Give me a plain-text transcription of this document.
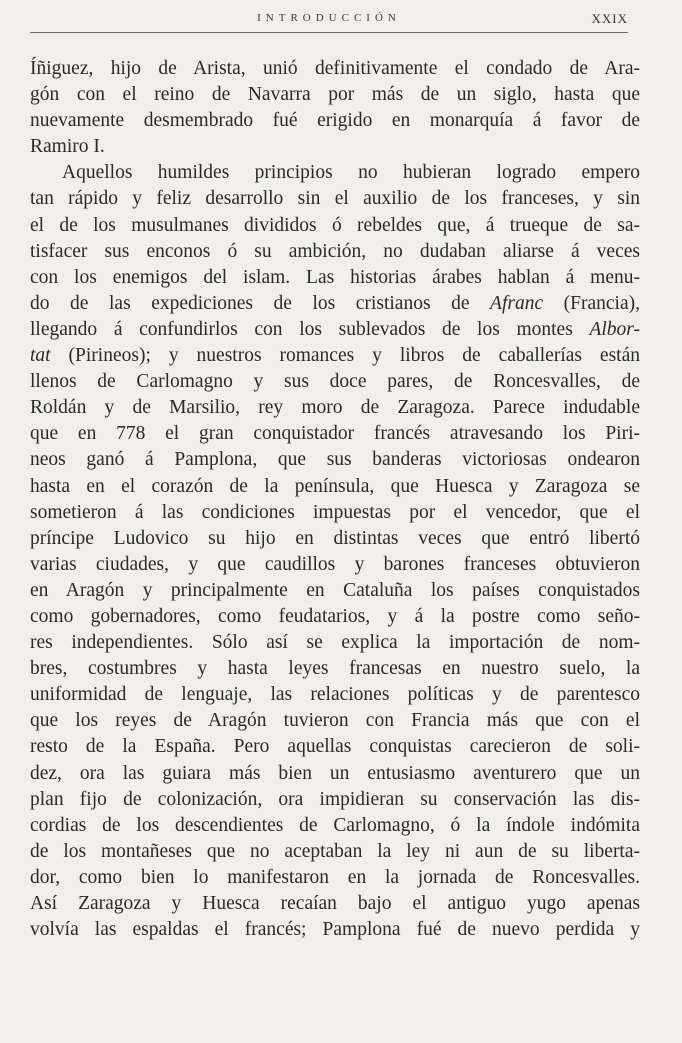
INTRODUCCIÓN	XXIX
Íñiguez, hijo de Arista, unió definitivamente el condado de Ara-
gón con el reino de Navarra por más de un siglo, hasta que
nuevamente desmembrado fué erigido en monarquía á favor de
Ramiro I.
Aquellos humildes principios no hubieran logrado empero
tan rápido y feliz desarrollo sin el auxilio de los franceses, y sin
el de los musulmanes divididos ó rebeldes que, á trueque de sa-
tisfacer sus enconos ó su ambición, no dudaban aliarse á veces
con los enemigos del islam. Las historias árabes hablan á menu-
do de las expediciones de los cristianos de Afranc (Francia),
llegando á confundirlos con los sublevados de los montes Albor-
tat (Pirineos); y nuestros romances y libros de caballerías están
llenos de Carlomagno y sus doce pares, de Roncesvalles, de
Roldán y de Marsilio, rey moro de Zaragoza. Parece indudable
que en 778 el gran conquistador francés atravesando los Piri-
neos ganó á Pamplona, que sus banderas victoriosas ondearon
hasta en el corazón de la península, que Huesca y Zaragoza se
sometieron á las condiciones impuestas por el vencedor, que el
príncipe Ludovico su hijo en distintas veces que entró libertó
varias ciudades, y que caudillos y barones franceses obtuvieron
en Aragón y principalmente en Cataluña los países conquistados
como gobernadores, como feudatarios, y á la postre como seño-
res independientes. Sólo así se explica la importación de nom-
bres, costumbres y hasta leyes francesas en nuestro suelo, la
uniformidad de lenguaje, las relaciones políticas y de parentesco
que los reyes de Aragón tuvieron con Francia más que con el
resto de la España. Pero aquellas conquistas carecieron de soli-
dez, ora las guiara más bien un entusiasmo aventurero que un
plan fijo de colonización, ora impidieran su conservación las dis-
cordias de los descendientes de Carlomagno, ó la índole indómita
de los montañeses que no aceptaban la ley ni aun de su liberta-
dor, como bien lo manifestaron en la jornada de Roncesvalles.
Así Zaragoza y Huesca recaían bajo el antiguo yugo apenas
volvía las espaldas el francés; Pamplona fué de nuevo perdida y
